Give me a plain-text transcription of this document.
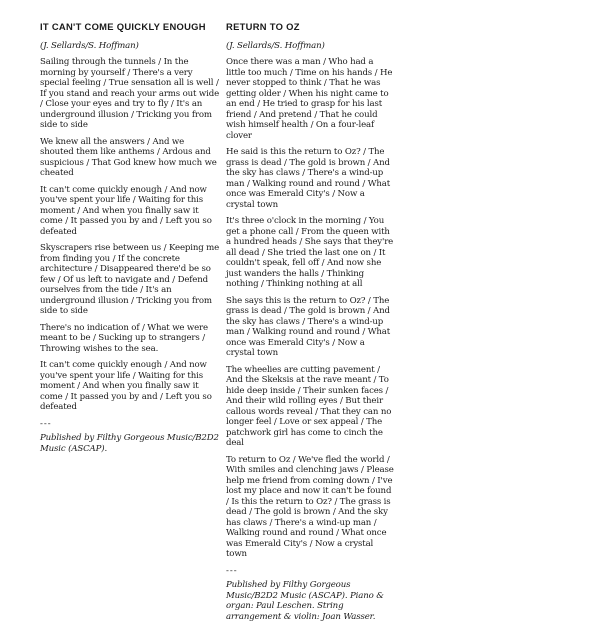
IT CAN'T COME QUICKLY ENOUGH
(J. Sellards/S. Hoffman)
Sailing through the tunnels / In the morning by yourself / There's a very special feeling / True sensation all is well / If you stand and reach your arms out wide / Close your eyes and try to fly / It's an underground illusion / Tricking you from side to side
We knew all the answers / And we shouted them like anthems / Ardous and suspicious / That God knew how much we cheated
It can't come quickly enough / And now you've spent your life / Waiting for this moment / And when you finally saw it come / It passed you by and / Left you so defeated
Skyscrapers rise between us / Keeping me from finding you / If the concrete architecture / Disappeared there'd be so few / Of us left to navigate and / Defend ourselves from the tide / It's an underground illusion / Tricking you from side to side
There's no indication of / What we were meant to be / Sucking up to strangers / Throwing wishes to the sea.
It can't come quickly enough / And now you've spent your life / Waiting for this moment / And when you finally saw it come / It passed you by and / Left you so defeated
---
Published by Filthy Gorgeous Music/B2D2 Music (ASCAP).
RETURN TO OZ
(J. Sellards/S. Hoffman)
Once there was a man / Who had a little too much / Time on his hands / He never stopped to think / That he was getting older / When his night came to an end / He tried to grasp for his last friend / And pretend / That he could wish himself health / On a four-leaf clover
He said is this the return to Oz? / The grass is dead / The gold is brown / And the sky has claws / There's a wind-up man / Walking round and round / What once was Emerald City's / Now a crystal town
It's three o'clock in the morning / You get a phone call / From the queen with a hundred heads / She says that they're all dead / She tried the last one on / It couldn't speak, fell off / And now she just wanders the halls / Thinking nothing / Thinking nothing at all
She says this is the return to Oz? / The grass is dead / The gold is brown / And the sky has claws / There's a wind-up man / Walking round and round / What once was Emerald City's / Now a crystal town
The wheelies are cutting pavement / And the Skeksis at the rave meant / To hide deep inside / Their sunken faces / And their wild rolling eyes / But their callous words reveal / That they can no longer feel / Love or sex appeal / The patchwork girl has come to cinch the deal
To return to Oz / We've fled the world / With smiles and clenching jaws / Please help me friend from coming down / I've lost my place and now it can't be found / Is this the return to Oz? / The grass is dead / The gold is brown / And the sky has claws / There's a wind-up man / Walking round and round / What once was Emerald City's / Now a crystal town
---
Published by Filthy Gorgeous Music/B2D2 Music (ASCAP). Piano & organ: Paul Leschen. String arrangement & violin: Joan Wasser.
